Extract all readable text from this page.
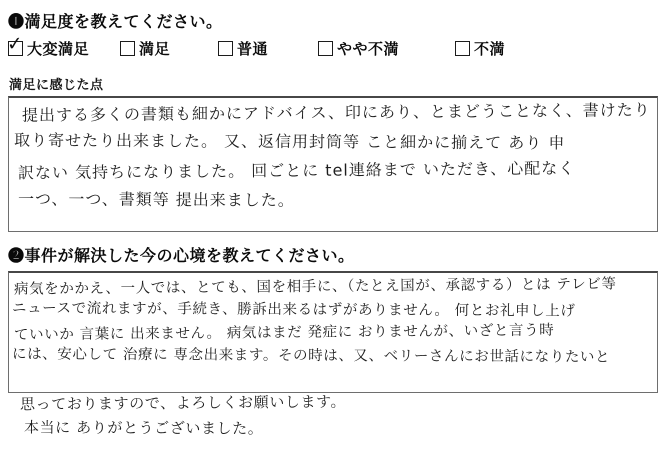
❶満足度を教えてください。
✓ 大変満足	満足	普通	やや不満	不満
満足に感じた点
提出する多くの書類も細かにアドバイス、印にあり、とまどうことなく、書けたり
取り寄せたり出来ました。 又、返信用封筒等 こと細かに揃えて あり 申
訳ない 気持ちになりました。 回ごとに tel連絡まで いただき、心配なく
一つ、一つ、書類等 提出来ました。
❷事件が解決した今の心境を教えてください。
病気をかかえ、一人では、とても、国を相手に、（たとえ国が、承認する）とは テレビ等
ニュースで流れますが、手続き、勝訴出来るはずがありません。 何とお礼申し上げ
ていいか 言葉に 出来ません。 病気はまだ 発症に おりませんが、いざと言う時
には、安心して 治療に 専念出来ます。その時は、又、ベリーさんにお世話になりたいと
思っておりますので、よろしくお願いします。
本当に ありがとうございました。
